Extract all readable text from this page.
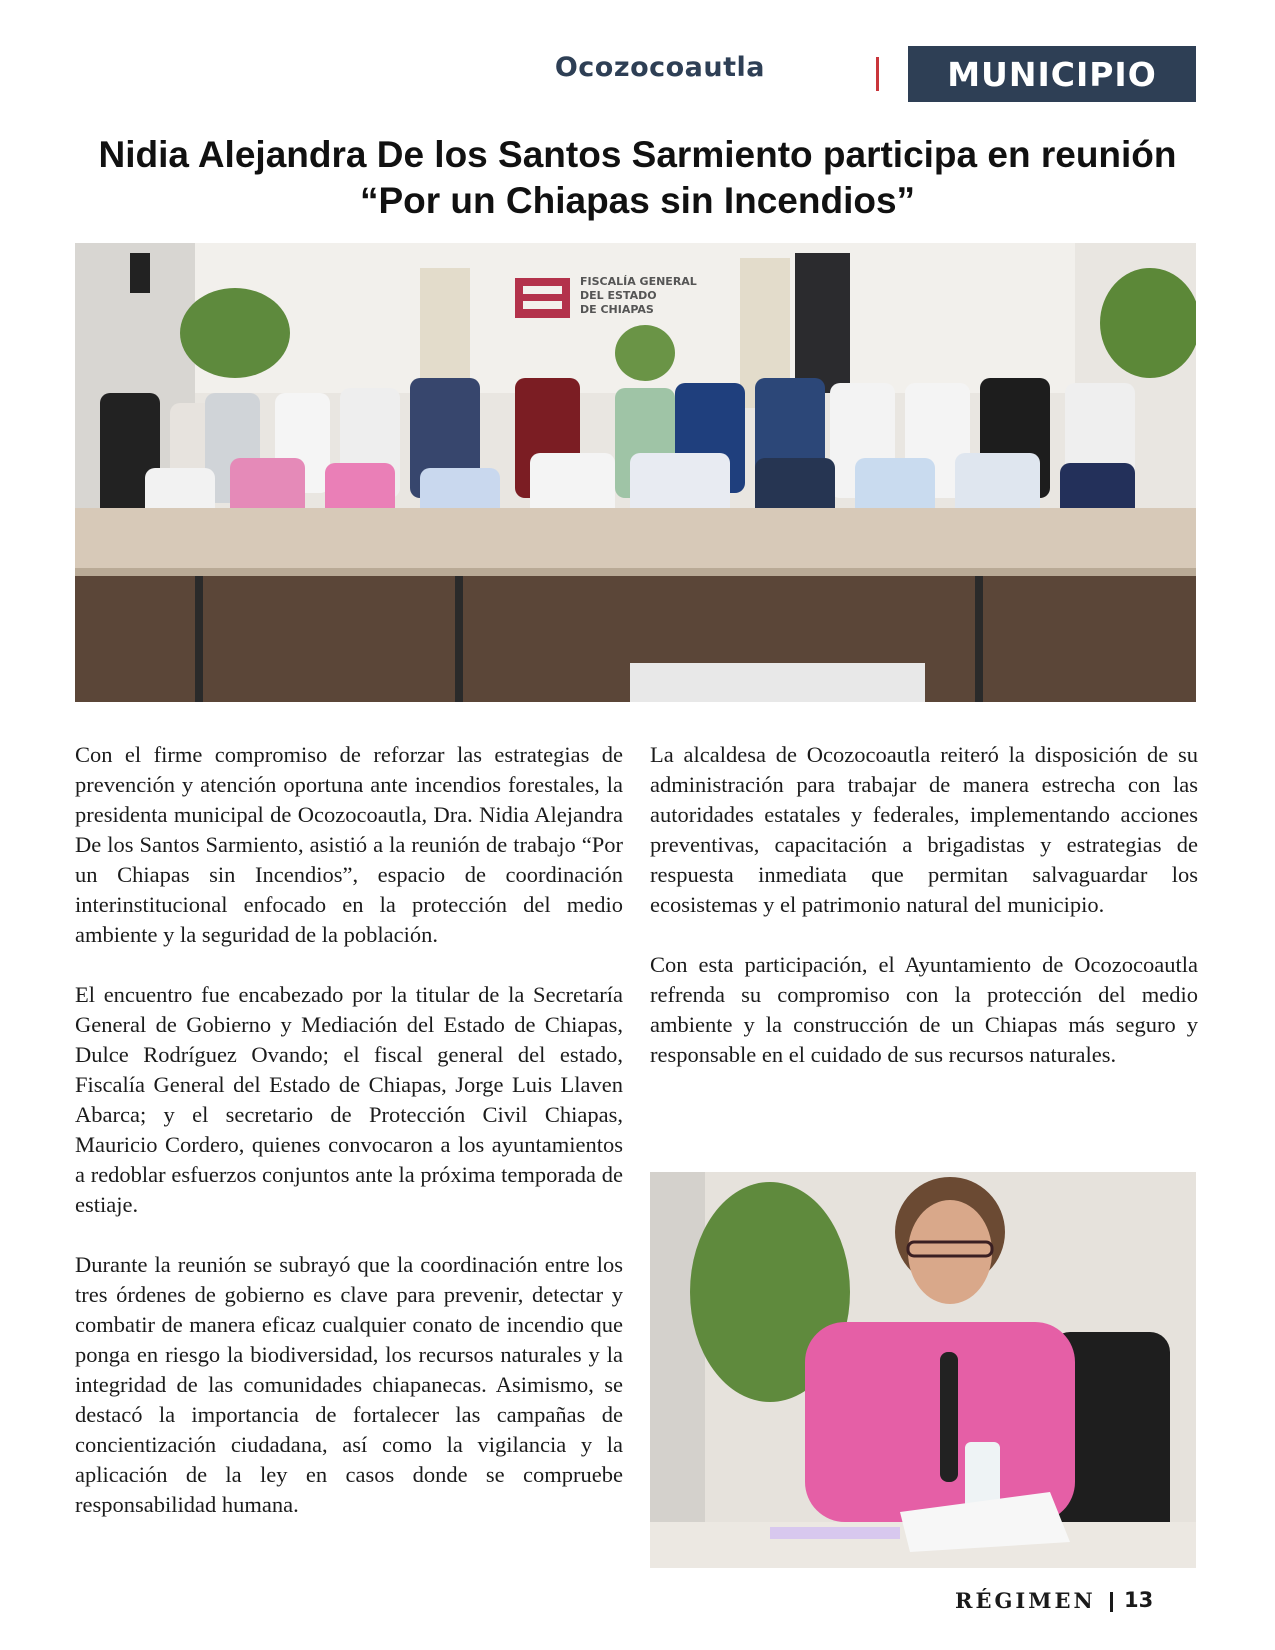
Ocozocoautla	MUNICIPIO
Nidia Alejandra De los Santos Sarmiento participa en reunión
“Por un Chiapas sin Incendios”
FISCALÍA GENERAL
DEL ESTADO
DE CHIAPAS

Con el firme compromiso de reforzar las estrategias de prevención y atención oportuna ante incendios forestales, la presidenta municipal de Ocozocoautla, Dra. Nidia Alejandra De los Santos Sarmiento, asistió a la reunión de trabajo “Por un Chiapas sin Incendios”, espacio de coordinación interinstitucional enfocado en la protección del medio ambiente y la seguridad de la población.

El encuentro fue encabezado por la titular de la Secretaría General de Gobierno y Mediación del Estado de Chiapas, Dulce Rodríguez Ovando; el fiscal general del estado, Fiscalía General del Estado de Chiapas, Jorge Luis Llaven Abarca; y el secretario de Protección Civil Chiapas, Mauricio Cordero, quienes convocaron a los ayuntamientos a redoblar esfuerzos conjuntos ante la próxima temporada de estiaje.

Durante la reunión se subrayó que la coordinación entre los tres órdenes de gobierno es clave para prevenir, detectar y combatir de manera eficaz cualquier conato de incendio que ponga en riesgo la biodiversidad, los recursos naturales y la integridad de las comunidades chiapanecas. Asimismo, se destacó la importancia de fortalecer las campañas de concientización ciudadana, así como la vigilancia y la aplicación de la ley en casos donde se compruebe responsabilidad humana.

La alcaldesa de Ocozocoautla reiteró la disposición de su administración para trabajar de manera estrecha con las autoridades estatales y federales, implementando acciones preventivas, capacitación a brigadistas y estrategias de respuesta inmediata que permitan salvaguardar los ecosistemas y el patrimonio natural del municipio.

Con esta participación, el Ayuntamiento de Ocozocoautla refrenda su compromiso con la protección del medio ambiente y la construcción de un Chiapas más seguro y responsable en el cuidado de sus recursos naturales.

RÉGIMEN 13
